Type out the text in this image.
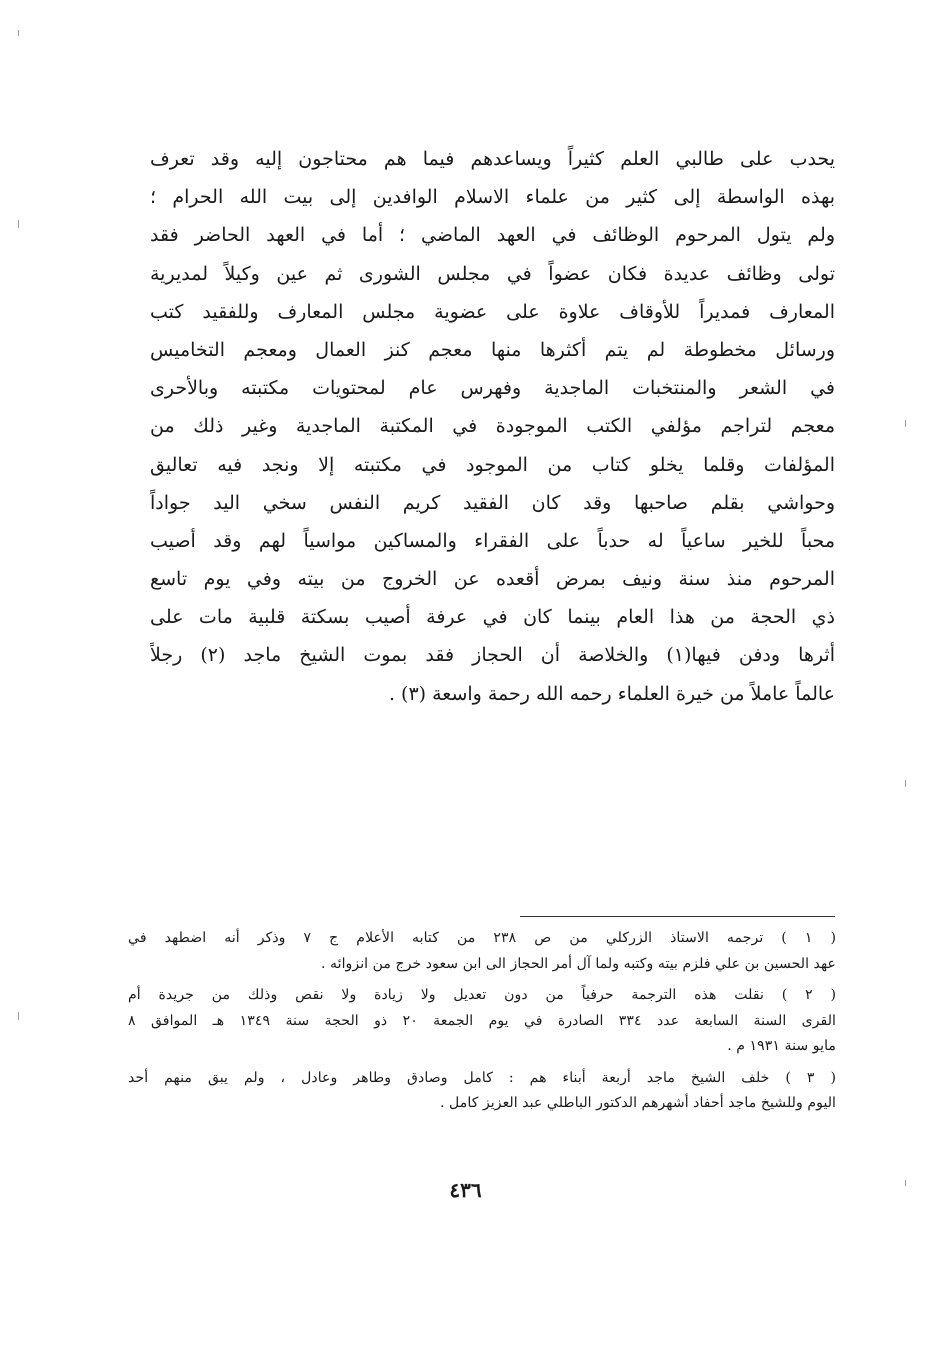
يحدب على طالبي العلم كثيراً ويساعدهم فيما هم محتاجون إليه وقد تعرف
بهذه الواسطة إلى كثير من علماء الاسلام الوافدين إلى بيت الله الحرام ؛
ولم يتول المرحوم الوظائف في العهد الماضي ؛ أما في العهد الحاضر فقد
تولى وظائف عديدة فكان عضواً في مجلس الشورى ثم عين وكيلاً لمديرية
المعارف فمديراً للأوقاف علاوة على عضوية مجلس المعارف وللفقيد كتب
ورسائل مخطوطة لم يتم أكثرها منها معجم كنز العمال ومعجم التخاميس
في الشعر والمنتخبات الماجدية وفهرس عام لمحتويات مكتبته وبالأحرى
معجم لتراجم مؤلفي الكتب الموجودة في المكتبة الماجدية وغير ذلك من
المؤلفات وقلما يخلو كتاب من الموجود في مكتبته إلا ونجد فيه تعاليق
وحواشي بقلم صاحبها وقد كان الفقيد كريم النفس سخي اليد جواداً
محباً للخير ساعياً له حدباً على الفقراء والمساكين مواسياً لهم وقد أصيب
المرحوم منذ سنة ونيف بمرض أقعده عن الخروج من بيته وفي يوم تاسع
ذي الحجة من هذا العام بينما كان في عرفة أصيب بسكتة قلبية مات على
أثرها ودفن فيها(١) والخلاصة أن الحجاز فقد بموت الشيخ ماجد (٢) رجلاً
عالماً عاملاً من خيرة العلماء رحمه الله رحمة واسعة (٣) .
( ١ ) ترجمه الاستاذ الزركلي من ص ٢٣٨ من كتابه الأعلام ج ٧ وذكر أنه اضطهد في
عهد الحسين بن علي فلزم بيته وكتبه ولما آل أمر الحجاز الى ابن سعود خرج من انزوائه .
( ٢ ) نقلت هذه الترجمة حرفياً من دون تعديل ولا زيادة ولا نقص وذلك من جريدة أم
القرى السنة السابعة عدد ٣٣٤ الصادرة في يوم الجمعة ٢٠ ذو الحجة سنة ١٣٤٩ هـ الموافق ٨
مايو سنة ١٩٣١ م .
( ٣ ) خلف الشيخ ماجد أربعة أبناء هم : كامل وصادق وطاهر وعادل ، ولم يبق منهم أحد
اليوم وللشيخ ماجد أحفاد أشهرهم الدكتور الباطلي عبد العزيز كامل .
٤٣٦
